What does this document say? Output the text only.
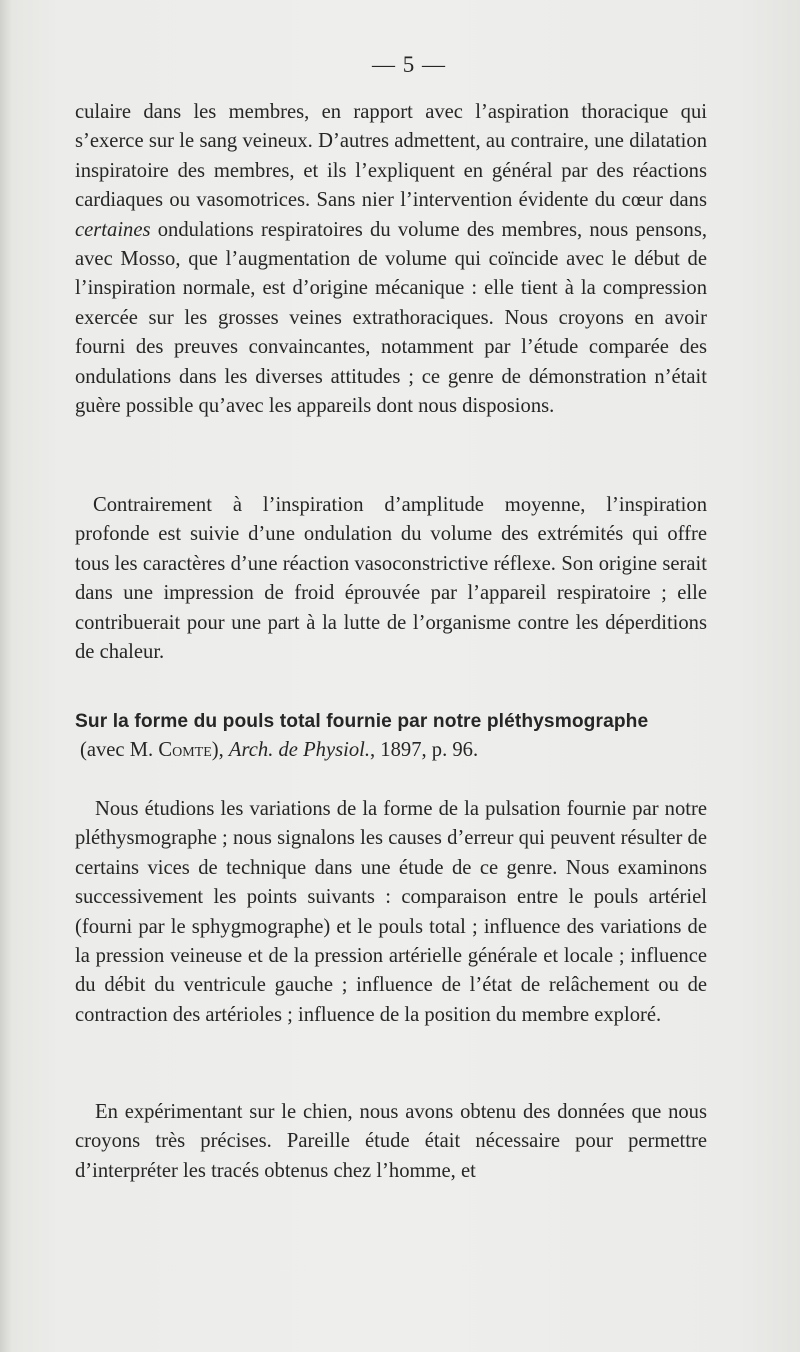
— 5 —

culaire dans les membres, en rapport avec l’aspiration thoracique qui s’exerce sur le sang veineux. D’autres admettent, au contraire, une dilatation inspiratoire des membres, et ils l’expliquent en général par des réactions cardiaques ou vasomotrices. Sans nier l’intervention évidente du cœur dans certaines ondulations respiratoires du volume des membres, nous pensons, avec Mosso, que l’augmentation de volume qui coïncide avec le début de l’inspiration normale, est d’origine mécanique : elle tient à la compression exercée sur les grosses veines extrathoraciques. Nous croyons en avoir fourni des preuves convaincantes, notamment par l’étude comparée des ondulations dans les diverses attitudes ; ce genre de démonstration n’était guère possible qu’avec les appareils dont nous disposions.

Contrairement à l’inspiration d’amplitude moyenne, l’inspiration profonde est suivie d’une ondulation du volume des extrémités qui offre tous les caractères d’une réaction vasoconstrictive réflexe. Son origine serait dans une impression de froid éprouvée par l’appareil respiratoire ; elle contribuerait pour une part à la lutte de l’organisme contre les déperditions de chaleur.

Sur la forme du pouls total fournie par notre pléthysmographe
(avec M. Comte), Arch. de Physiol., 1897, p. 96.

Nous étudions les variations de la forme de la pulsation fournie par notre pléthysmographe ; nous signalons les causes d’erreur qui peuvent résulter de certains vices de technique dans une étude de ce genre. Nous examinons successivement les points suivants : comparaison entre le pouls artériel (fourni par le sphygmographe) et le pouls total ; influence des variations de la pression veineuse et de la pression artérielle générale et locale ; influence du débit du ventricule gauche ; influence de l’état de relâchement ou de contraction des artérioles ; influence de la position du membre exploré.

En expérimentant sur le chien, nous avons obtenu des données que nous croyons très précises. Pareille étude était nécessaire pour permettre d’interpréter les tracés obtenus chez l’homme, et
